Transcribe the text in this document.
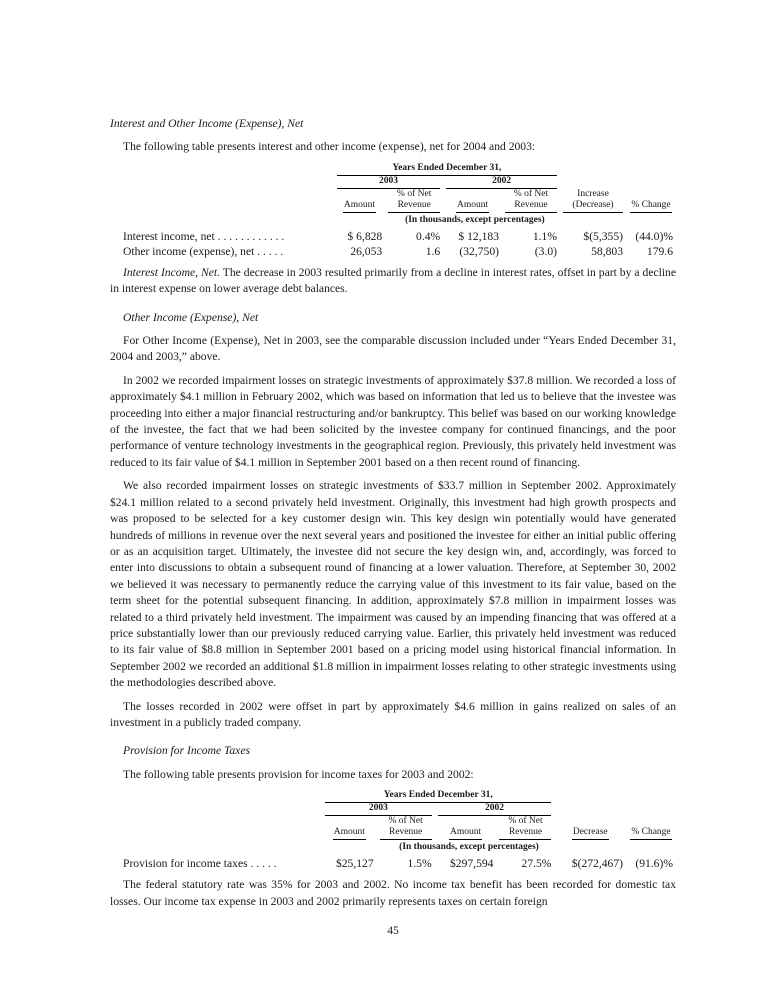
Interest and Other Income (Expense), Net
The following table presents interest and other income (expense), net for 2004 and 2003:

	Years Ended December 31,					

	2003		2002			

	Amount	% of Net Revenue	Amount	% of Net Revenue	Increase (Decrease)	% Change
	(In thousands, except percentages)					
Interest income, net . . . . . . . . . . . .	$ 6,828	0.4%	$ 12,183	1.1%	$(5,355)	(44.0)%
Other income (expense), net . . . . .	26,053	1.6	(32,750)	(3.0)	58,803	179.6
Interest Income, Net. The decrease in 2003 resulted primarily from a decline in interest rates, offset in part by a decline in interest expense on lower average debt balances.
Other Income (Expense), Net
For Other Income (Expense), Net in 2003, see the comparable discussion included under “Years Ended December 31, 2004 and 2003,” above.
In 2002 we recorded impairment losses on strategic investments of approximately $37.8 million. We recorded a loss of approximately $4.1 million in February 2002, which was based on information that led us to believe that the investee was proceeding into either a major financial restructuring and/or bankruptcy. This belief was based on our working knowledge of the investee, the fact that we had been solicited by the investee company for continued financings, and the poor performance of venture technology investments in the geographical region. Previously, this privately held investment was reduced to its fair value of $4.1 million in September 2001 based on a then recent round of financing.
We also recorded impairment losses on strategic investments of $33.7 million in September 2002. Approximately $24.1 million related to a second privately held investment. Originally, this investment had high growth prospects and was proposed to be selected for a key customer design win. This key design win potentially would have generated hundreds of millions in revenue over the next several years and positioned the investee for either an initial public offering or as an acquisition target. Ultimately, the investee did not secure the key design win, and, accordingly, was forced to enter into discussions to obtain a subsequent round of financing at a lower valuation. Therefore, at September 30, 2002 we believed it was necessary to permanently reduce the carrying value of this investment to its fair value, based on the term sheet for the potential subsequent financing. In addition, approximately $7.8 million in impairment losses was related to a third privately held investment. The impairment was caused by an impending financing that was offered at a price substantially lower than our previously reduced carrying value. Earlier, this privately held investment was reduced to its fair value of $8.8 million in September 2001 based on a pricing model using historical financial information. In September 2002 we recorded an additional $1.8 million in impairment losses relating to other strategic investments using the methodologies described above.
The losses recorded in 2002 were offset in part by approximately $4.6 million in gains realized on sales of an investment in a publicly traded company.
Provision for Income Taxes
The following table presents provision for income taxes for 2003 and 2002:

	Years Ended December 31,					

	2003		2002			

	Amount	% of Net Revenue	Amount	% of Net Revenue	Decrease	% Change
	(In thousands, except percentages)					
Provision for income taxes . . . . .	$25,127	1.5%	$297,594	27.5%	$(272,467)	(91.6)%
The federal statutory rate was 35% for 2003 and 2002. No income tax benefit has been recorded for domestic tax losses. Our income tax expense in 2003 and 2002 primarily represents taxes on certain foreign
45
